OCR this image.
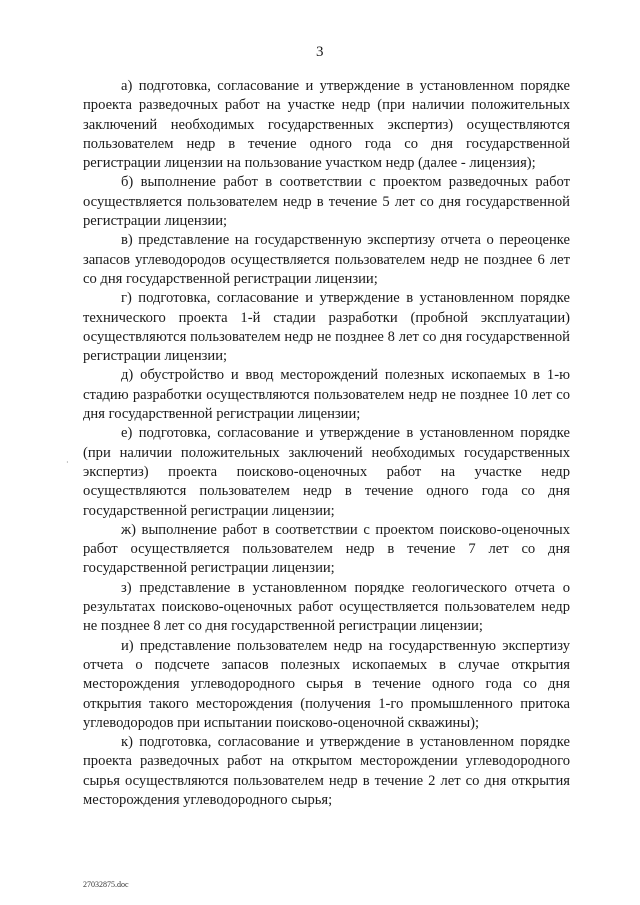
3
·

а) подготовка, согласование и утверждение в установленном порядке проекта разведочных работ на участке недр (при наличии положительных заключений необходимых государственных экспертиз) осуществляются пользователем недр в течение одного года со дня государственной регистрации лицензии на пользование участком недр (далее - лицензия);

б) выполнение работ в соответствии с проектом разведочных работ осуществляется пользователем недр в течение 5 лет со дня государственной регистрации лицензии;

в) представление на государственную экспертизу отчета о переоценке запасов углеводородов осуществляется пользователем недр не позднее 6 лет со дня государственной регистрации лицензии;

г) подготовка, согласование и утверждение в установленном порядке технического проекта 1-й стадии разработки (пробной эксплуатации) осуществляются пользователем недр не позднее 8 лет со дня государственной регистрации лицензии;

д) обустройство и ввод месторождений полезных ископаемых в 1-ю стадию разработки осуществляются пользователем недр не позднее 10 лет со дня государственной регистрации лицензии;

е) подготовка, согласование и утверждение в установленном порядке (при наличии положительных заключений необходимых государственных экспертиз) проекта поисково-оценочных работ на участке недр осуществляются пользователем недр в течение одного года со дня государственной регистрации лицензии;

ж) выполнение работ в соответствии с проектом поисково-оценочных работ осуществляется пользователем недр в течение 7 лет со дня государственной регистрации лицензии;

з) представление в установленном порядке геологического отчета о результатах поисково-оценочных работ осуществляется пользователем недр не позднее 8 лет со дня государственной регистрации лицензии;

и) представление пользователем недр на государственную экспертизу отчета о подсчете запасов полезных ископаемых в случае открытия месторождения углеводородного сырья в течение одного года со дня открытия такого месторождения (получения 1-го промышленного притока углеводородов при испытании поисково-оценочной скважины);

к) подготовка, согласование и утверждение в установленном порядке проекта разведочных работ на открытом месторождении углеводородного сырья осуществляются пользователем недр в течение 2 лет со дня открытия месторождения углеводородного сырья;

27032875.doc
